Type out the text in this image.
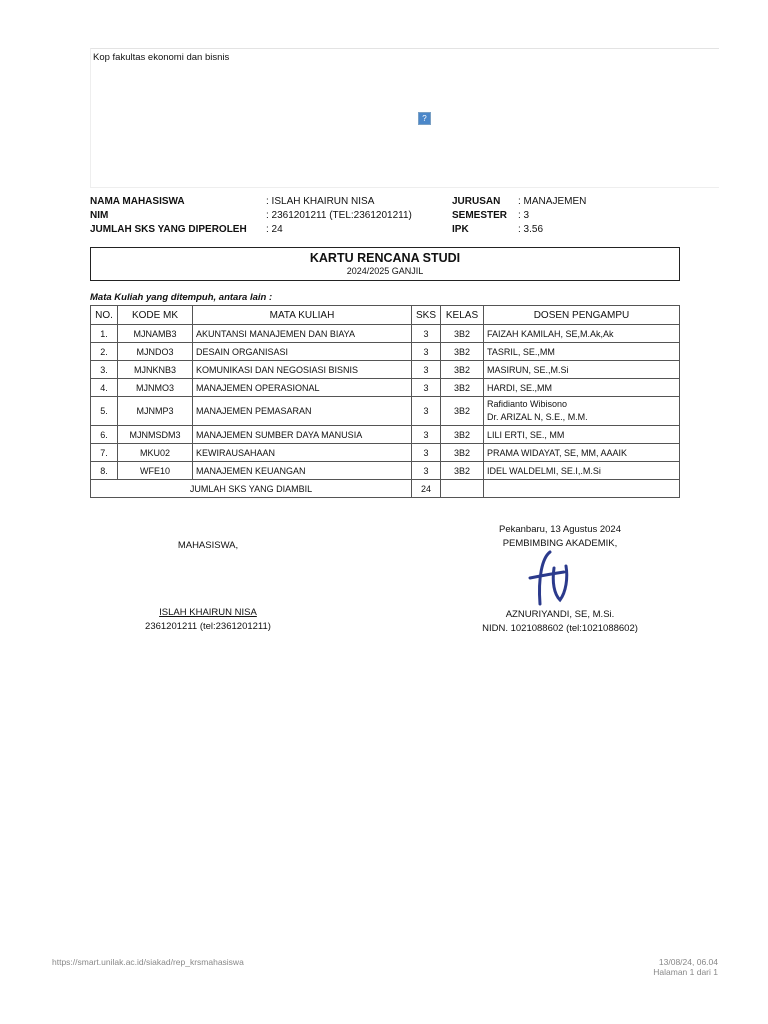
Kop fakultas ekonomi dan bisnis
?
NAMA MAHASISWA	: ISLAH KHAIRUN NISA
NIM	: 2361201211 (TEL:2361201211)
JUMLAH SKS YANG DIPEROLEH : 24
JURUSAN : MANAJEMEN
SEMESTER : 3
IPK	: 3.56
KARTU RENCANA STUDI
2024/2025 GANJIL
Mata Kuliah yang ditempuh, antara lain :
NO.	KODE MK	MATA KULIAH	SKS	KELAS	DOSEN PENGAMPU
1.	MJNAMB3	AKUNTANSI MANAJEMEN DAN BIAYA	3	3B2	FAIZAH KAMILAH, SE,M.Ak,Ak
2.	MJNDO3	DESAIN ORGANISASI	3	3B2	TASRIL, SE.,MM
3.	MJNKNB3	KOMUNIKASI DAN NEGOSIASI BISNIS	3	3B2	MASIRUN, SE.,M.Si
4.	MJNMO3	MANAJEMEN OPERASIONAL	3	3B2	HARDI, SE.,MM
5.	MJNMP3	MANAJEMEN PEMASARAN	3	3B2	Rafidianto Wibisono
Dr. ARIZAL N, S.E., M.M.

6.	MJNMSDM3	MANAJEMEN SUMBER DAYA MANUSIA	3	3B2	LILI ERTI, SE., MM
7.	MKU02	KEWIRAUSAHAAN	3	3B2	PRAMA WIDAYAT, SE, MM, AAAIK
8.	WFE10	MANAJEMEN KEUANGAN	3	3B2	IDEL WALDELMI, SE.I,.M.Si
JUMLAH SKS YANG DIAMBIL			24		
MAHASISWA,
ISLAH KHAIRUN NISA
2361201211 (tel:2361201211)
Pekanbaru, 13 Agustus 2024
PEMBIMBING AKADEMIK,
AZNURIYANDI, SE, M.Si.
NIDN. 1021088602 (tel:1021088602)
https://smart.unilak.ac.id/siakad/rep_krsmahasiswa	13/08/24, 06.04
Halaman 1 dari 1
